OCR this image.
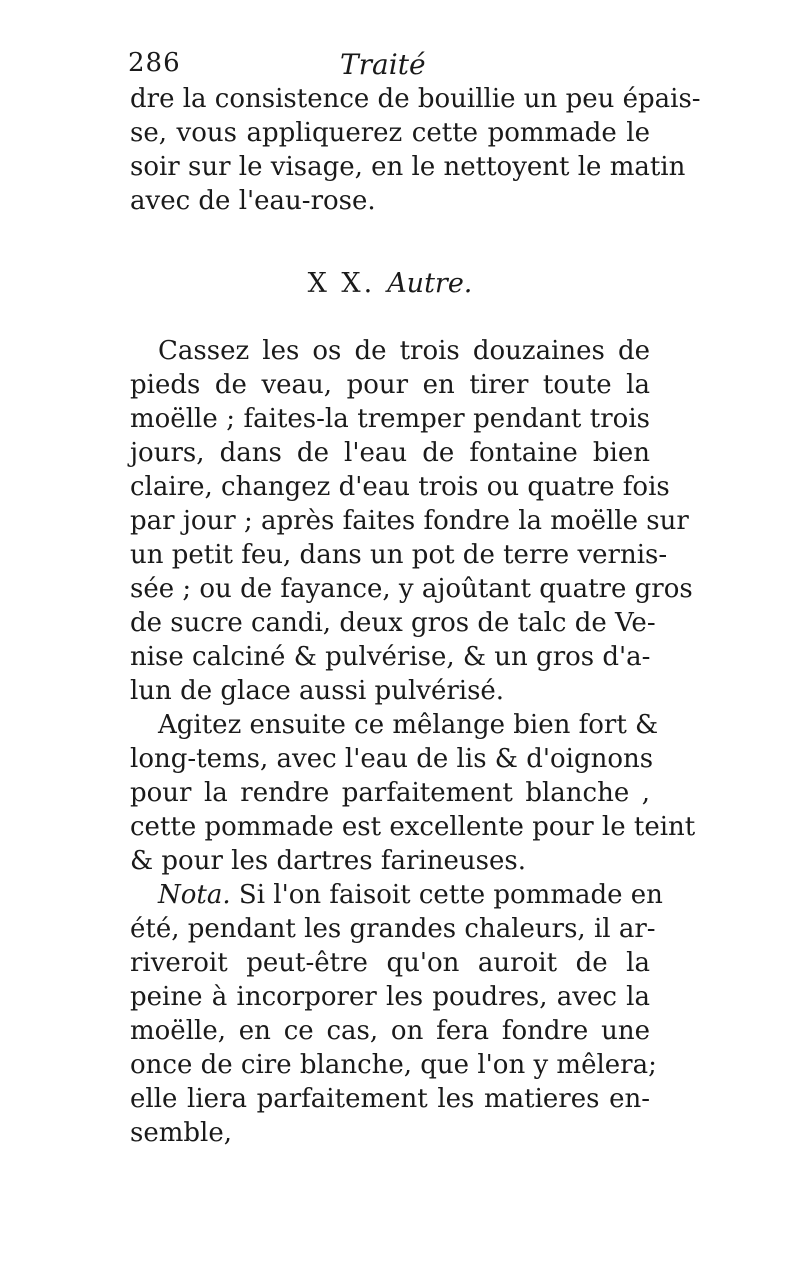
286	Traité
dre la consistence de bouillie un peu épais-
se, vous appliquerez cette pommade le
soir sur le visage, en le nettoyent le matin
avec de l'eau-rose.
X X. Autre.
Cassez les os de trois douzaines de
pieds de veau, pour en tirer toute la
moëlle ; faites-la tremper pendant trois
jours, dans de l'eau de fontaine bien
claire, changez d'eau trois ou quatre fois
par jour ; après faites fondre la moëlle sur
un petit feu, dans un pot de terre vernis-
sée ; ou de fayance, y ajoûtant quatre gros
de sucre candi, deux gros de talc de Ve-
nise calciné & pulvérise, & un gros d'a-
lun de glace aussi pulvérisé.
Agitez ensuite ce mêlange bien fort &
long-tems, avec l'eau de lis & d'oignons
pour la rendre parfaitement blanche ,
cette pommade est excellente pour le teint
& pour les dartres farineuses.
Nota. Si l'on faisoit cette pommade en
été, pendant les grandes chaleurs, il ar-
riveroit peut-être qu'on auroit de la
peine à incorporer les poudres, avec la
moëlle, en ce cas, on fera fondre une
once de cire blanche, que l'on y mêlera;
elle liera parfaitement les matieres en-
semble,
